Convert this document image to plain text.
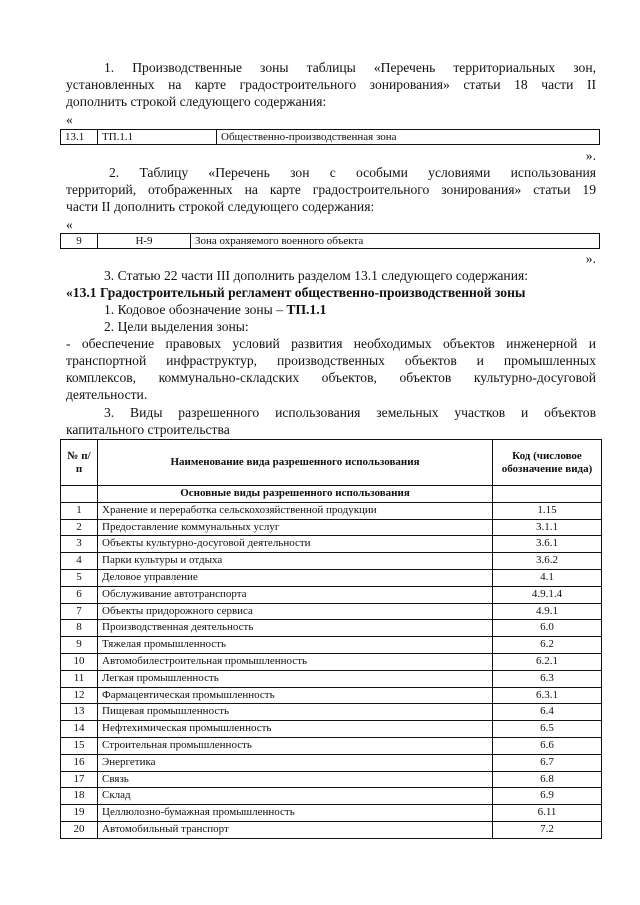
1. Производственные зоны таблицы «Перечень территориальных зон,
установленных на карте градостроительного зонирования» статьи 18 части II
дополнить строкой следующего содержания:
«
13.1	ТП.1.1	Общественно-производственная зона
».
2. Таблицу «Перечень зон с особыми условиями использования
территорий, отображенных на карте градостроительного зонирования» статьи 19
части II дополнить строкой следующего содержания:
«
9	Н-9	Зона охраняемого военного объекта
».
3. Статью 22 части III дополнить разделом 13.1 следующего содержания:
«13.1 Градостроительный регламент общественно-производственной зоны
1. Кодовое обозначение зоны – ТП.1.1
2. Цели выделения зоны:
- обеспечение правовых условий развития необходимых объектов инженерной и
транспортной инфраструктур, производственных объектов и промышленных
комплексов, коммунально-складских объектов, объектов культурно-досуговой
деятельности.
3. Виды разрешенного использования земельных участков и объектов
капитального строительства
№ п/п	Наименование вида разрешенного использования	Код (числовое обозначение вида)
	Основные виды разрешенного использования	
1	Хранение и переработка сельскохозяйственной продукции	1.15
2	Предоставление коммунальных услуг	3.1.1
3	Объекты культурно-досуговой деятельности	3.6.1
4	Парки культуры и отдыха	3.6.2
5	Деловое управление	4.1
6	Обслуживание автотранспорта	4.9.1.4
7	Объекты придорожного сервиса	4.9.1
8	Производственная деятельность	6.0
9	Тяжелая промышленность	6.2
10	Автомобилестроительная промышленность	6.2.1
11	Легкая промышленность	6.3
12	Фармацевтическая промышленность	6.3.1
13	Пищевая промышленность	6.4
14	Нефтехимическая промышленность	6.5
15	Строительная промышленность	6.6
16	Энергетика	6.7
17	Связь	6.8
18	Склад	6.9
19	Целлюлозно-бумажная промышленность	6.11
20	Автомобильный транспорт	7.2
